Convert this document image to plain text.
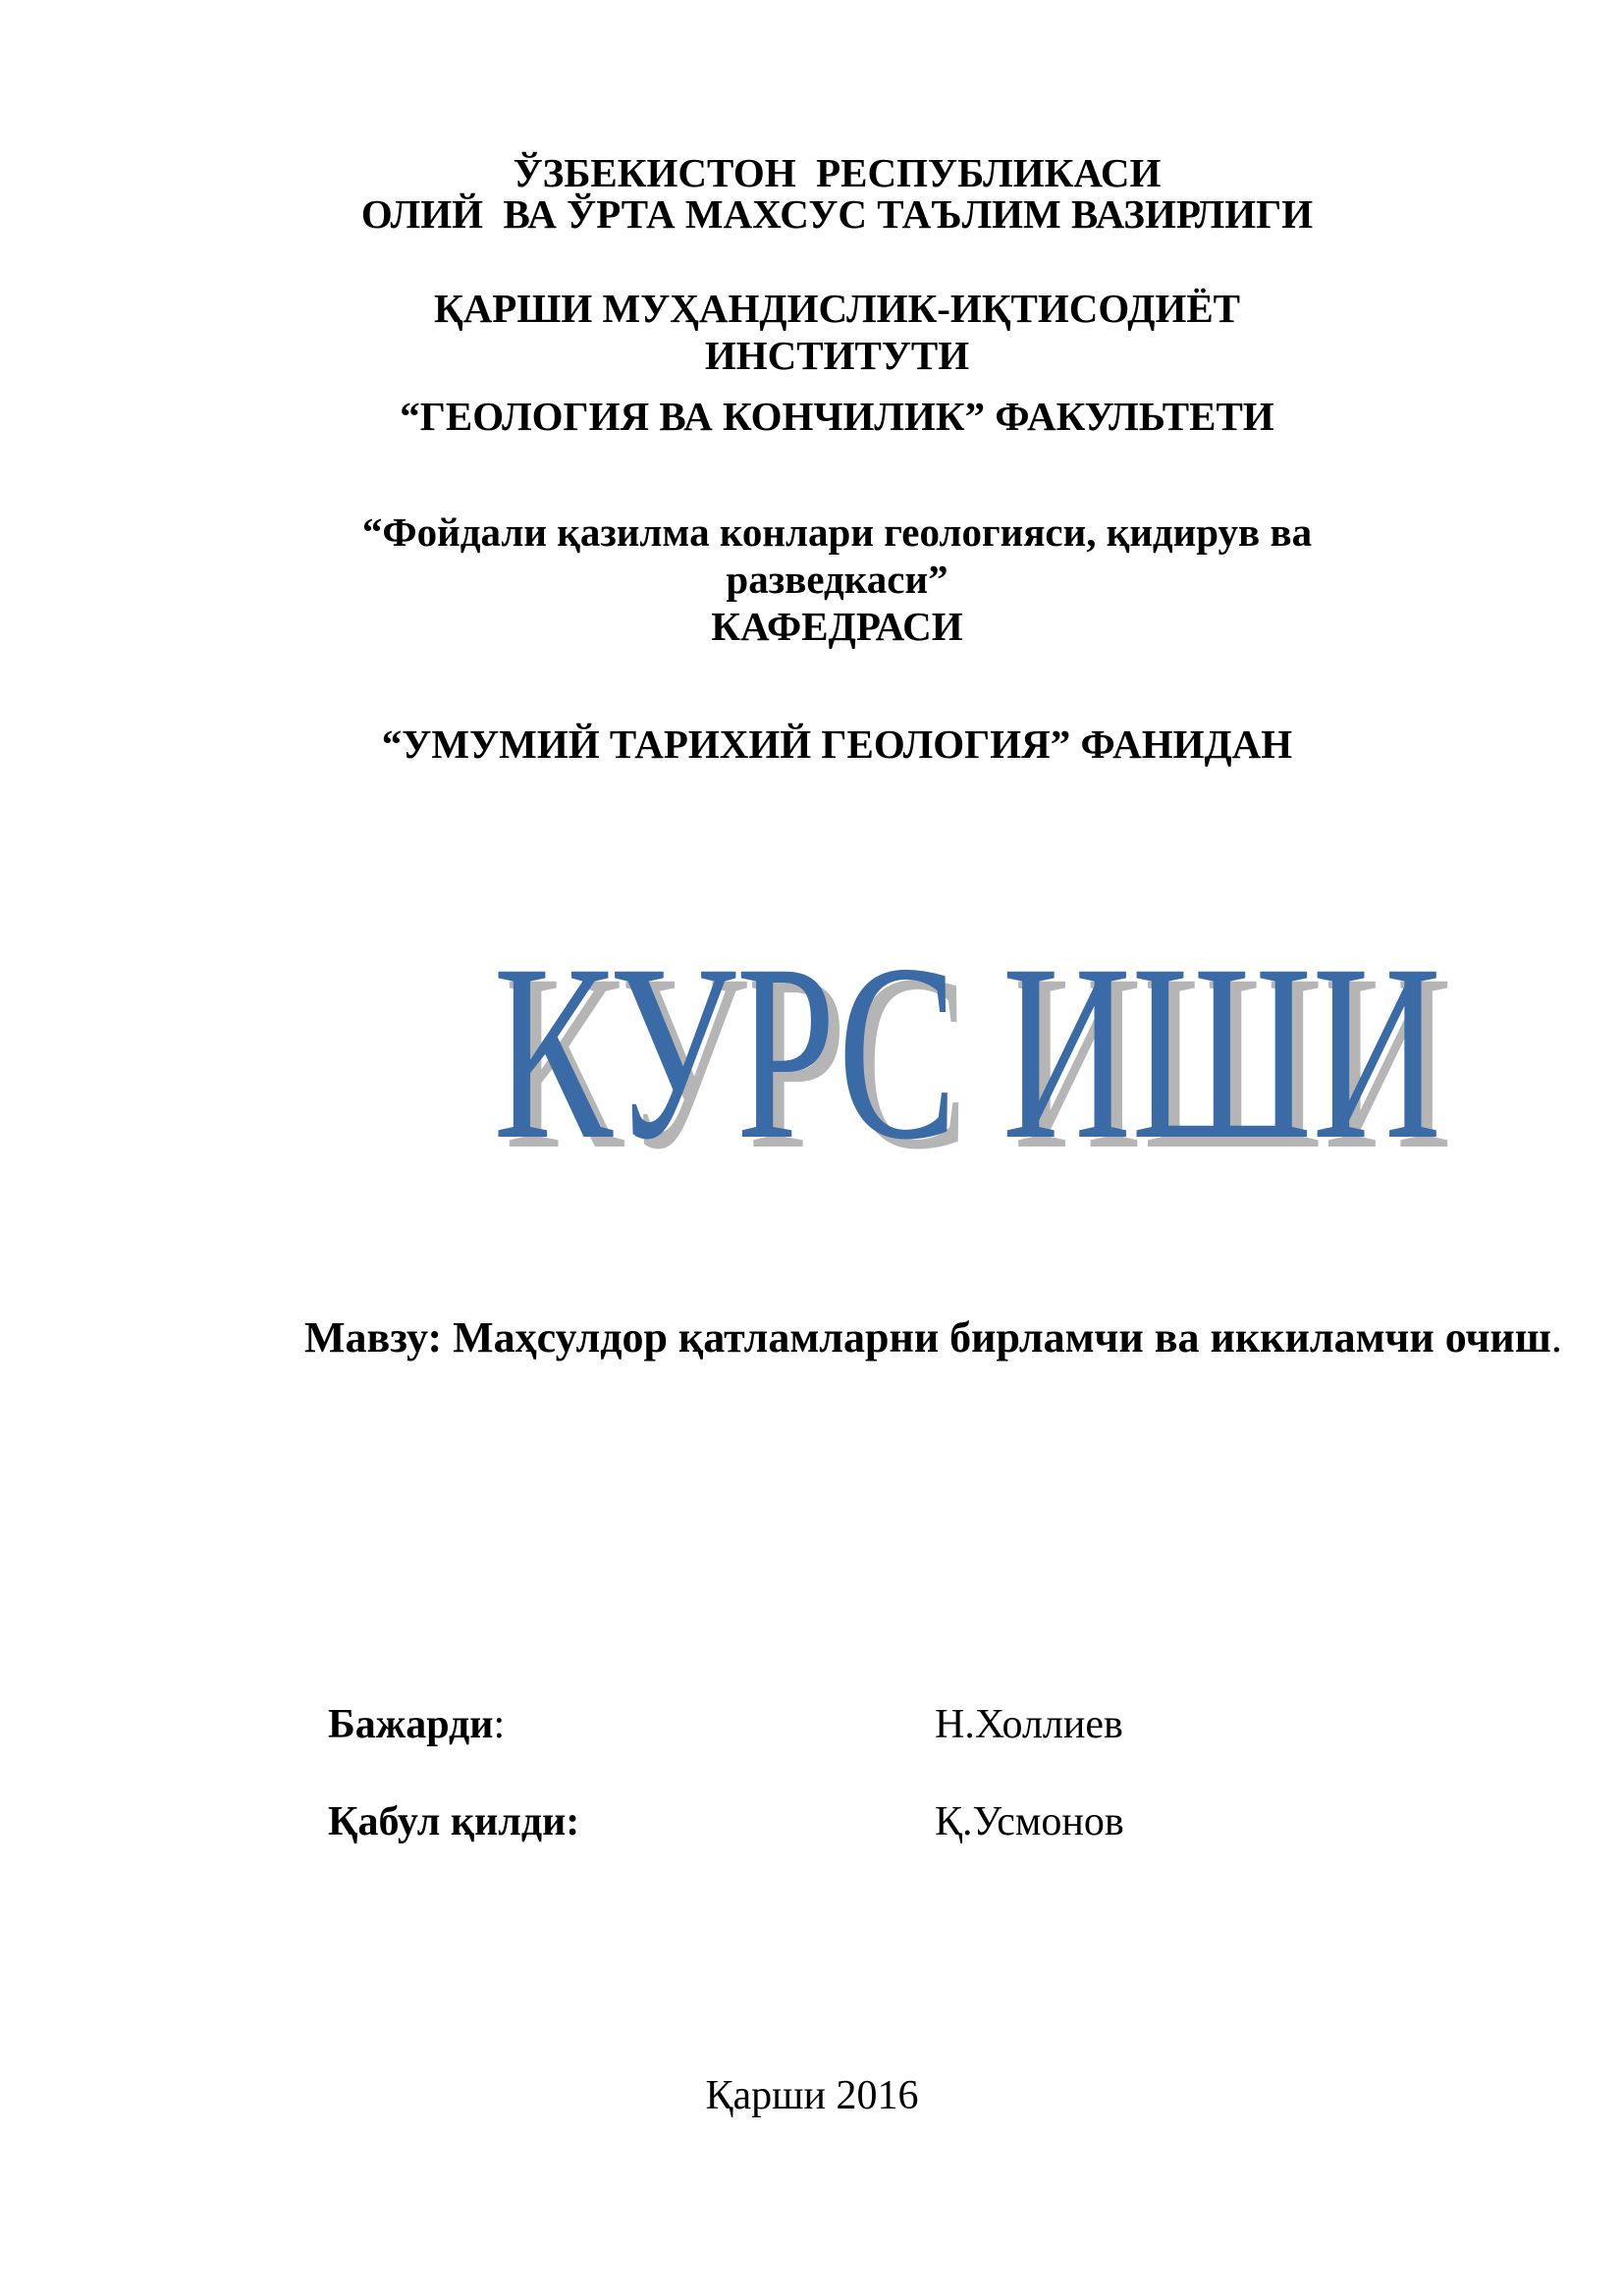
ЎЗБЕКИСТОН  РЕСПУБЛИКАСИ
ОЛИЙ  ВА ЎРТА МАХСУС ТАЪЛИМ ВАЗИРЛИГИ
ҚАРШИ МУҲАНДИСЛИК-ИҚТИСОДИЁТ ИНСТИТУТИ
“ГЕОЛОГИЯ ВА КОНЧИЛИК” ФАКУЛЬТЕТИ
“Фойдали қазилма конлари геологияси, қидирув ва разведкаси”
КАФЕДРАСИ
“УМУМИЙ ТАРИХИЙ ГЕОЛОГИЯ” ФАНИДАН
КУРС ИШИ
Мавзу: Маҳсулдор қатламларни бирламчи ва иккиламчи очиш.
Бажарди:	Н.Холлиев
Қабул қилди:	Қ.Усмонов
Қарши 2016
